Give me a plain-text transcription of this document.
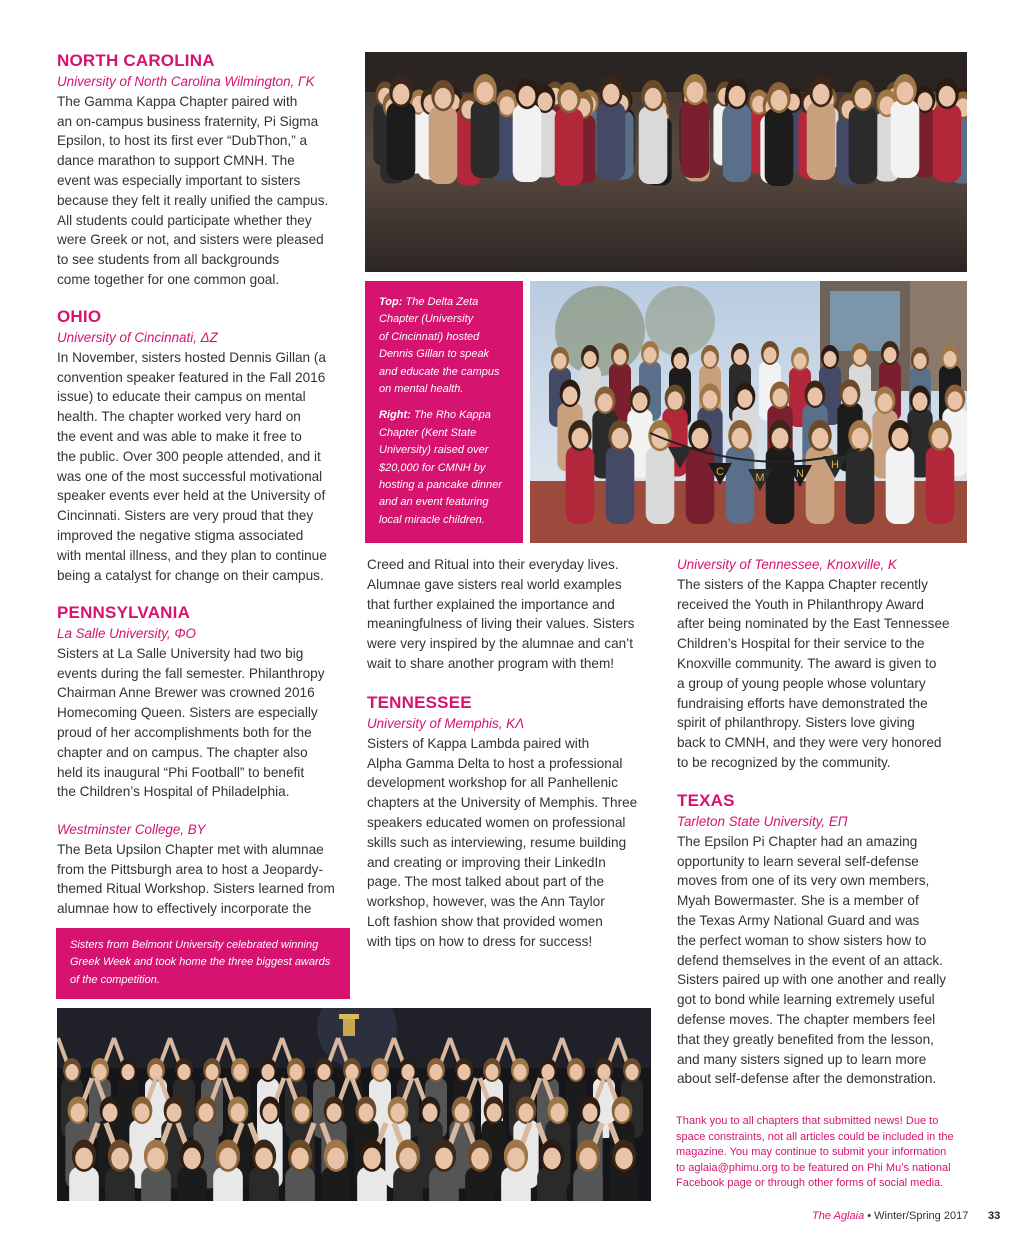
NORTH CAROLINA

University of North Carolina Wilmington, ΓΚ

The Gamma Kappa Chapter paired with
an on-campus business fraternity, Pi Sigma
Epsilon, to host its first ever “DubThon,” a
dance marathon to support CMNH. The
event was especially important to sisters
because they felt it really unified the campus.
All students could participate whether they
were Greek or not, and sisters were pleased
to see students from all backgrounds
come together for one common goal.

OHIO

University of Cincinnati, ΔZ

In November, sisters hosted Dennis Gillan (a
convention speaker featured in the Fall 2016
issue) to educate their campus on mental
health. The chapter worked very hard on
the event and was able to make it free to
the public. Over 300 people attended, and it
was one of the most successful motivational
speaker events ever held at the University of
Cincinnati. Sisters are very proud that they
improved the negative stigma associated
with mental illness, and they plan to continue
being a catalyst for change on their campus.

PENNSYLVANIA

La Salle University, ΦO

Sisters at La Salle University had two big
events during the fall semester. Philanthropy
Chairman Anne Brewer was crowned 2016
Homecoming Queen. Sisters are especially
proud of her accomplishments both for the
chapter and on campus. The chapter also
held its inaugural “Phi Football” to benefit
the Children’s Hospital of Philadelphia.

Westminster College, BY

The Beta Upsilon Chapter met with alumnae
from the Pittsburgh area to host a Jeopardy-
themed Ritual Workshop. Sisters learned from
alumnae how to effectively incorporate the
Sisters from Belmont University celebrated winning
Greek Week and took home the three biggest awards
of the competition.
Top: The Delta Zeta
Chapter (University
of Cincinnati) hosted
Dennis Gillan to speak
and educate the campus
on mental health.
Right: The Rho Kappa
Chapter (Kent State
University) raised over
$20,000 for CMNH by
hosting a pancake dinner
and an event featuring
local miracle children.
C	M	N
H
Creed and Ritual into their everyday lives.
Alumnae gave sisters real world examples
that further explained the importance and
meaningfulness of living their values. Sisters
were very inspired by the alumnae and can’t
wait to share another program with them!

TENNESSEE

University of Memphis, KΛ

Sisters of Kappa Lambda paired with
Alpha Gamma Delta to host a professional
development workshop for all Panhellenic
chapters at the University of Memphis. Three
speakers educated women on professional
skills such as interviewing, resume building
and creating or improving their LinkedIn
page. The most talked about part of the
workshop, however, was the Ann Taylor
Loft fashion show that provided women
with tips on how to dress for success!

University of Tennessee, Knoxville, K

The sisters of the Kappa Chapter recently
received the Youth in Philanthropy Award
after being nominated by the East Tennessee
Children’s Hospital for their service to the
Knoxville community. The award is given to
a group of young people whose voluntary
fundraising efforts have demonstrated the
spirit of philanthropy. Sisters love giving
back to CMNH, and they were very honored
to be recognized by the community.

TEXAS

Tarleton State University, EΠ

The Epsilon Pi Chapter had an amazing
opportunity to learn several self-defense
moves from one of its very own members,
Myah Bowermaster. She is a member of
the Texas Army National Guard and was
the perfect woman to show sisters how to
defend themselves in the event of an attack.
Sisters paired up with one another and really
got to bond while learning extremely useful
defense moves. The chapter members feel
that they greatly benefited from the lesson,
and many sisters signed up to learn more
about self-defense after the demonstration.
Thank you to all chapters that submitted news! Due to
space constraints, not all articles could be included in the
magazine. You may continue to submit your information
to aglaia@phimu.org to be featured on Phi Mu’s national
Facebook page or through other forms of social media.
The Aglaia • Winter/Spring 2017 33
